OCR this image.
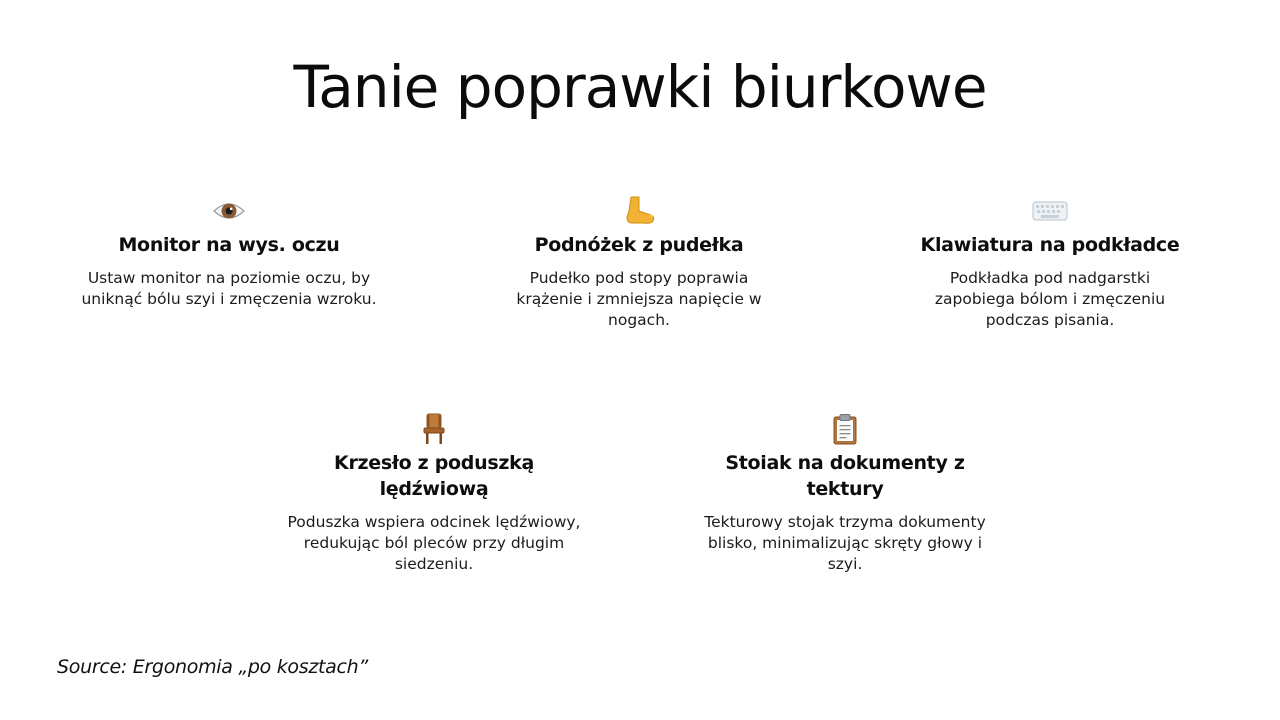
Tanie poprawki biurkowe
Monitor na wys. oczu
Ustaw monitor na poziomie oczu, by uniknąć bólu szyi i zmęczenia wzroku.
Podnóżek z pudełka
Pudełko pod stopy poprawia krążenie i zmniejsza napięcie w nogach.
Klawiatura na podkładce
Podkładka pod nadgarstki zapobiega bólom i zmęczeniu podczas pisania.
Krzesło z poduszką lędźwiową
Poduszka wspiera odcinek lędźwiowy, redukując ból pleców przy długim siedzeniu.
Stoiak na dokumenty z tektury
Tekturowy stojak trzyma dokumenty blisko, minimalizując skręty głowy i szyi.
Source: Ergonomia „po kosztach”
